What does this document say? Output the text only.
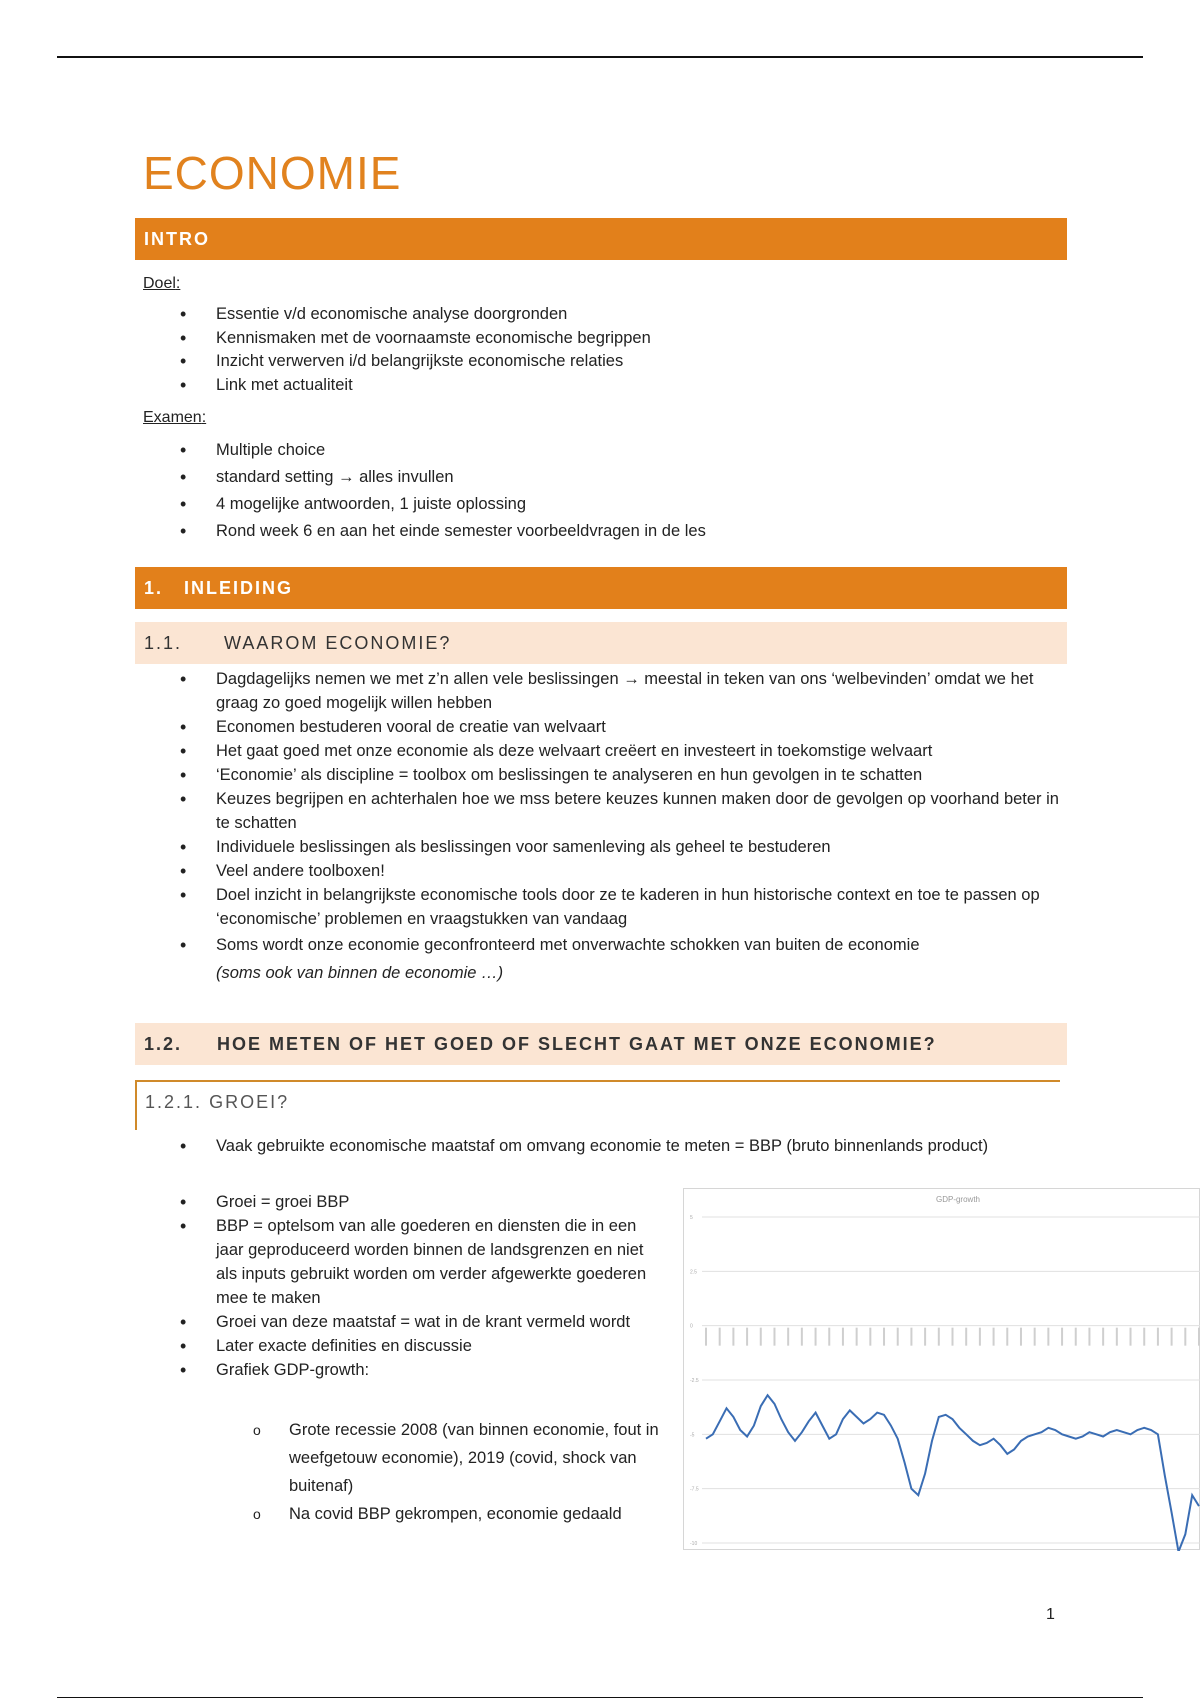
ECONOMIE
INTRO
Doel:
• Essentie v/d economische analyse doorgronden
• Kennismaken met de voornaamste economische begrippen
• Inzicht verwerven i/d belangrijkste economische relaties
• Link met actualiteit
Examen:
• Multiple choice
• standard setting → alles invullen
• 4 mogelijke antwoorden, 1 juiste oplossing
• Rond week 6 en aan het einde semester voorbeeldvragen in de les
1.	INLEIDING
1.1.	WAAROM ECONOMIE?
• Dagdagelijks nemen we met z’n allen vele beslissingen → meestal in teken van ons ‘welbevinden’ omdat we het graag zo goed mogelijk willen hebben
• Economen bestuderen vooral de creatie van welvaart
• Het gaat goed met onze economie als deze welvaart creëert en investeert in toekomstige welvaart
• ‘Economie’ als discipline = toolbox om beslissingen te analyseren en hun gevolgen in te schatten
• Keuzes begrijpen en achterhalen hoe we mss betere keuzes kunnen maken door de gevolgen op voorhand beter in te schatten
• Individuele beslissingen als beslissingen voor samenleving als geheel te bestuderen
• Veel andere toolboxen!
• Doel inzicht in belangrijkste economische tools door ze te kaderen in hun historische context en toe te passen op ‘economische’ problemen en vraagstukken van vandaag
• Soms wordt onze economie geconfronteerd met onverwachte schokken van buiten de economie
(soms ook van binnen de economie …)
1.2.	HOE METEN OF HET GOED OF SLECHT GAAT MET ONZE ECONOMIE?
1.2.1. GROEI?
• Vaak gebruikte economische maatstaf om omvang economie te meten = BBP (bruto binnenlands product)
• Groei = groei BBP
• BBP = optelsom van alle goederen en diensten die in een jaar geproduceerd worden binnen de landsgrenzen en niet als inputs gebruikt worden om verder afgewerkte goederen mee te maken
• Groei van deze maatstaf = wat in de krant vermeld wordt
• Later exacte definities en discussie
• Grafiek GDP-growth:
o Grote recessie 2008 (van binnen economie, fout in weefgetouw economie), 2019 (covid, shock van buitenaf)
o Na covid BBP gekrompen, economie gedaald
GDP-growth
5
2.5
0
-2.5
-5
-7.5
-10
1
